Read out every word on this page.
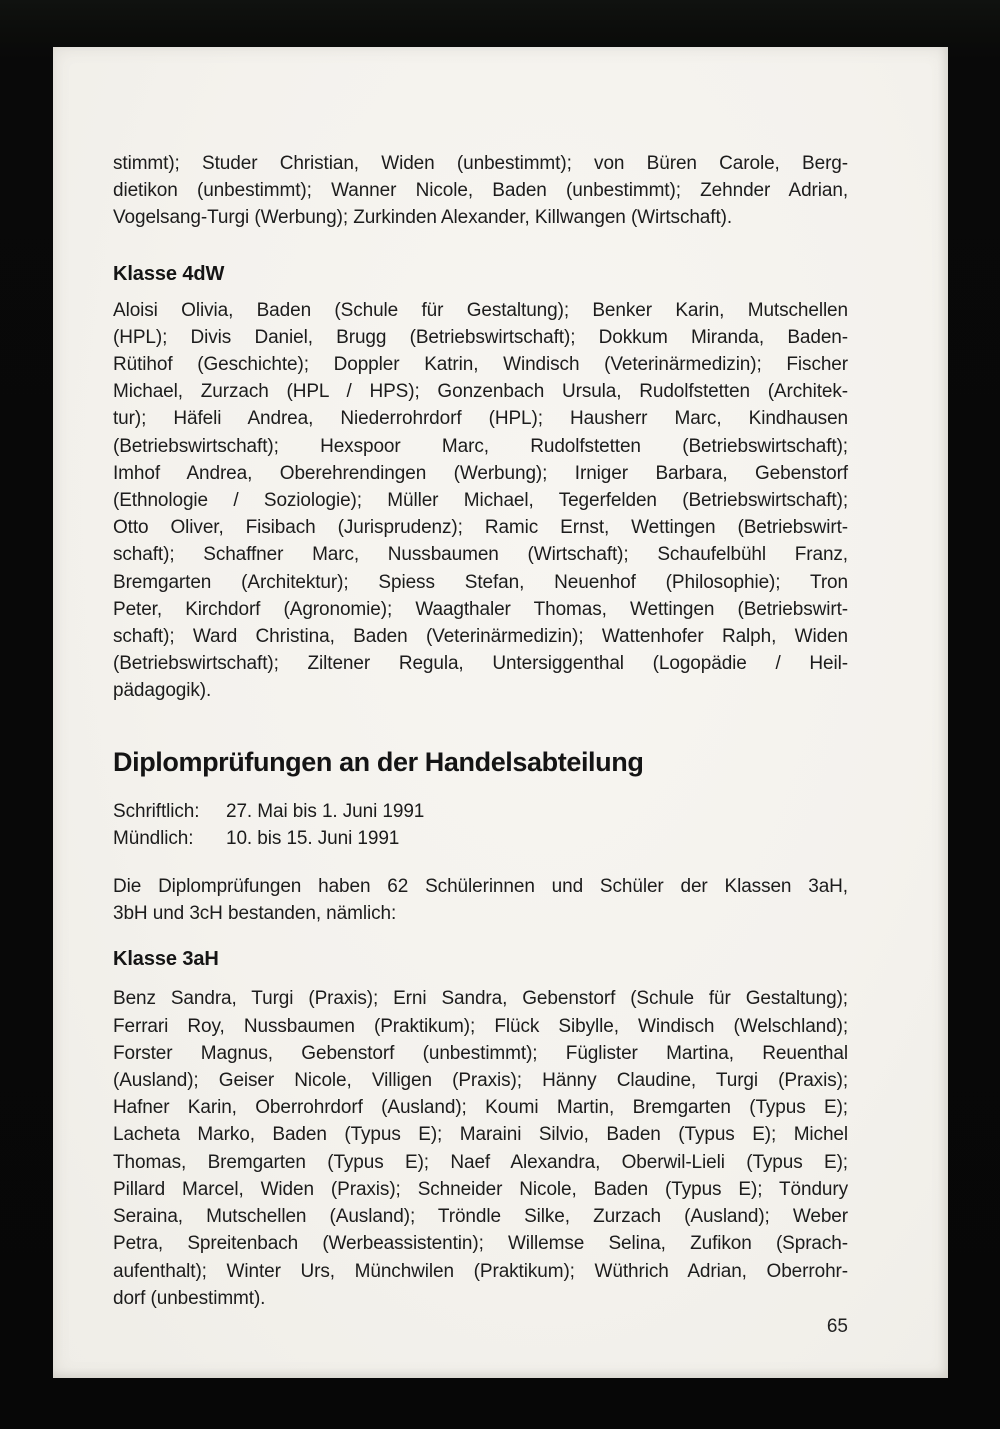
stimmt); Studer Christian, Widen (unbestimmt); von Büren Carole, Berg-
dietikon (unbestimmt); Wanner Nicole, Baden (unbestimmt); Zehnder Adrian,
Vogelsang-Turgi (Werbung); Zurkinden Alexander, Killwangen (Wirtschaft).
Klasse 4dW
Aloisi Olivia, Baden (Schule für Gestaltung); Benker Karin, Mutschellen
(HPL); Divis Daniel, Brugg (Betriebswirtschaft); Dokkum Miranda, Baden-
Rütihof (Geschichte); Doppler Katrin, Windisch (Veterinärmedizin); Fischer
Michael, Zurzach (HPL / HPS); Gonzenbach Ursula, Rudolfstetten (Architek-
tur); Häfeli Andrea, Niederrohrdorf (HPL); Hausherr Marc, Kindhausen
(Betriebswirtschaft); Hexspoor Marc, Rudolfstetten (Betriebswirtschaft);
Imhof Andrea, Oberehrendingen (Werbung); Irniger Barbara, Gebenstorf
(Ethnologie / Soziologie); Müller Michael, Tegerfelden (Betriebswirtschaft);
Otto Oliver, Fisibach (Jurisprudenz); Ramic Ernst, Wettingen (Betriebswirt-
schaft); Schaffner Marc, Nussbaumen (Wirtschaft); Schaufelbühl Franz,
Bremgarten (Architektur); Spiess Stefan, Neuenhof (Philosophie); Tron
Peter, Kirchdorf (Agronomie); Waagthaler Thomas, Wettingen (Betriebswirt-
schaft); Ward Christina, Baden (Veterinärmedizin); Wattenhofer Ralph, Widen
(Betriebswirtschaft); Ziltener Regula, Untersiggenthal (Logopädie / Heil-
pädagogik).
Diplomprüfungen an der Handelsabteilung
Schriftlich:	27. Mai bis 1. Juni 1991
Mündlich:	10. bis 15. Juni 1991
Die Diplomprüfungen haben 62 Schülerinnen und Schüler der Klassen 3aH,
3bH und 3cH bestanden, nämlich:
Klasse 3aH
Benz Sandra, Turgi (Praxis); Erni Sandra, Gebenstorf (Schule für Gestaltung);
Ferrari Roy, Nussbaumen (Praktikum); Flück Sibylle, Windisch (Welschland);
Forster Magnus, Gebenstorf (unbestimmt); Füglister Martina, Reuenthal
(Ausland); Geiser Nicole, Villigen (Praxis); Hänny Claudine, Turgi (Praxis);
Hafner Karin, Oberrohrdorf (Ausland); Koumi Martin, Bremgarten (Typus E);
Lacheta Marko, Baden (Typus E); Maraini Silvio, Baden (Typus E); Michel
Thomas, Bremgarten (Typus E); Naef Alexandra, Oberwil-Lieli (Typus E);
Pillard Marcel, Widen (Praxis); Schneider Nicole, Baden (Typus E); Töndury
Seraina, Mutschellen (Ausland); Tröndle Silke, Zurzach (Ausland); Weber
Petra, Spreitenbach (Werbeassistentin); Willemse Selina, Zufikon (Sprach-
aufenthalt); Winter Urs, Münchwilen (Praktikum); Wüthrich Adrian, Oberrohr-
dorf (unbestimmt).
65
